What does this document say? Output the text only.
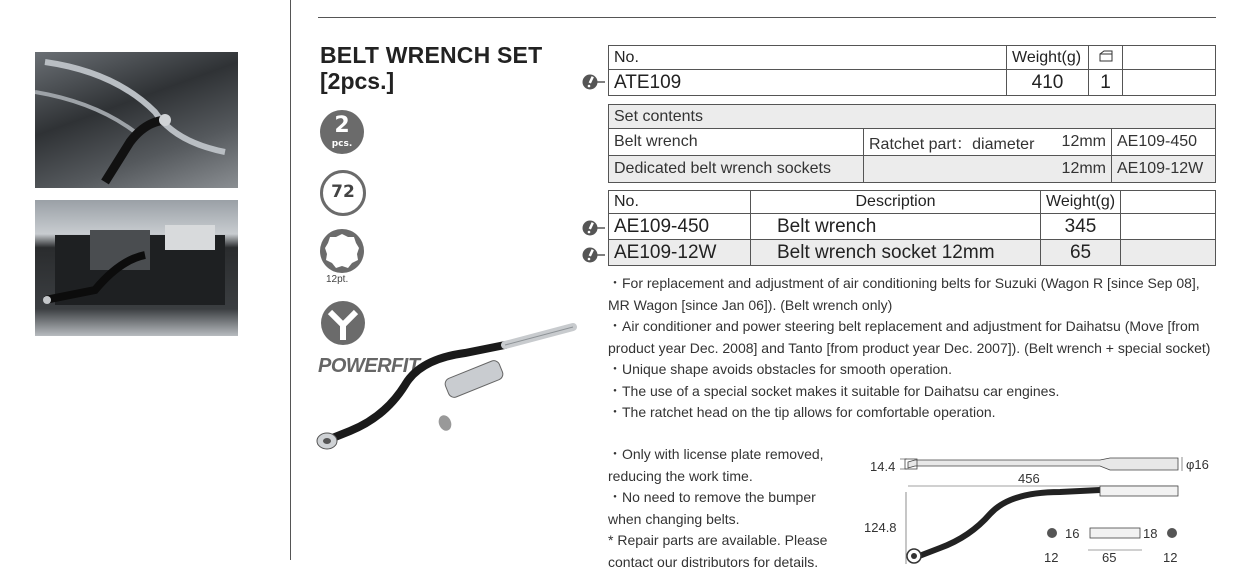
BELT WRENCH SET
[2pcs.]
2
pcs.
72
12pt.
POWERFIT
No.	Weight(g)		
ATE109	410	1	
Set contents			
Belt wrench	Ratchet part：diameter	12mm	AE109-450
Dedicated belt wrench sockets		12mm	AE109-12W
No.	Description	Weight(g)	
AE109-450	Belt wrench	345	
AE109-12W	Belt wrench socket 12mm	65	
・For replacement and adjustment of air conditioning belts for Suzuki (Wagon R [since Sep 08], MR Wagon [since Jan 06]). (Belt wrench only)
・Air conditioner and power steering belt replacement and adjustment for Daihatsu (Move [from product year Dec. 2008] and Tanto [from product year Dec. 2007]). (Belt wrench + special socket)
・Unique shape avoids obstacles for smooth operation.
・The use of a special socket makes it suitable for Daihatsu car engines.
・The ratchet head on the tip allows for comfortable operation.
・Only with license plate removed, reducing the work time.
・No need to remove the bumper when changing belts.
* Repair parts are available. Please contact our distributors for details.
14.4	φ16
456
124.8	16	18
65
12	12
